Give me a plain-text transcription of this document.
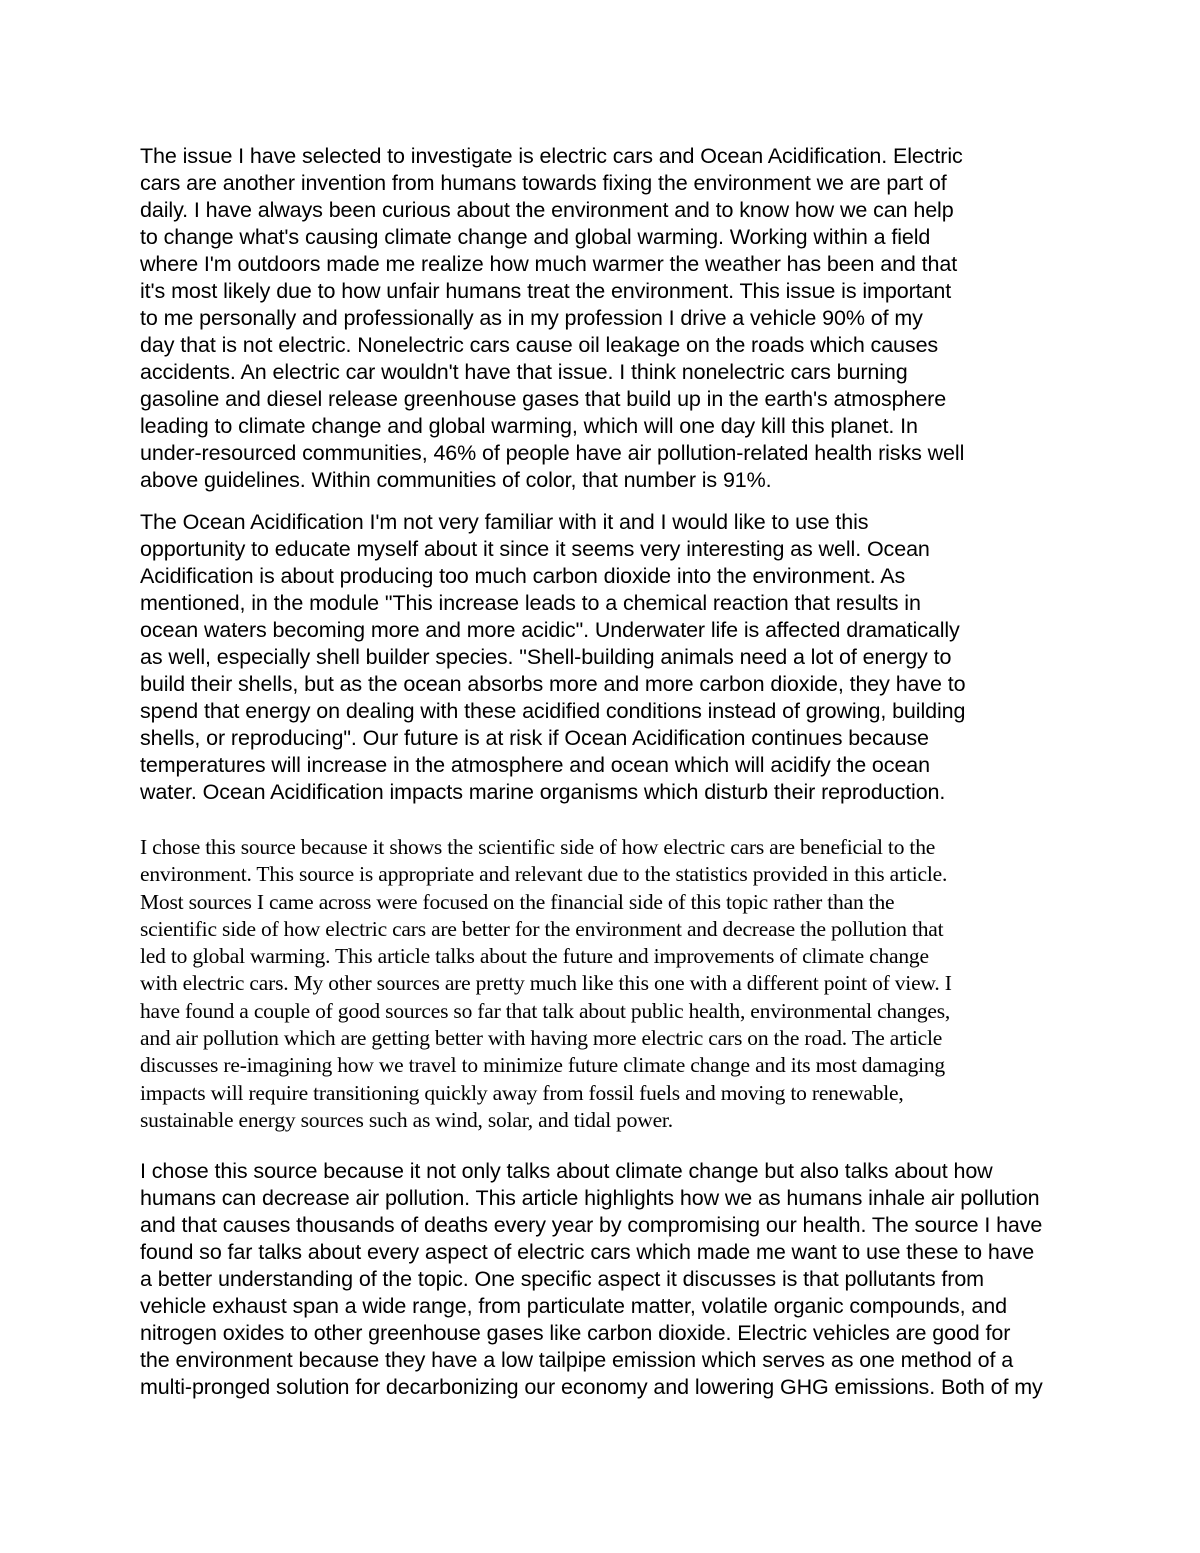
The issue I have selected to investigate is electric cars and Ocean Acidification. Electric
cars are another invention from humans towards fixing the environment we are part of
daily. I have always been curious about the environment and to know how we can help
to change what's causing climate change and global warming. Working within a field
where I'm outdoors made me realize how much warmer the weather has been and that
it's most likely due to how unfair humans treat the environment. This issue is important
to me personally and professionally as in my profession I drive a vehicle 90% of my
day that is not electric. Nonelectric cars cause oil leakage on the roads which causes
accidents. An electric car wouldn't have that issue. I think nonelectric cars burning
gasoline and diesel release greenhouse gases that build up in the earth's atmosphere
leading to climate change and global warming, which will one day kill this planet. In
under-resourced communities, 46% of people have air pollution-related health risks well
above guidelines. Within communities of color, that number is 91%.

The Ocean Acidification I'm not very familiar with it and I would like to use this
opportunity to educate myself about it since it seems very interesting as well. Ocean
Acidification is about producing too much carbon dioxide into the environment. As
mentioned, in the module "This increase leads to a chemical reaction that results in
ocean waters becoming more and more acidic". Underwater life is affected dramatically
as well, especially shell builder species. "Shell-building animals need a lot of energy to
build their shells, but as the ocean absorbs more and more carbon dioxide, they have to
spend that energy on dealing with these acidified conditions instead of growing, building
shells, or reproducing". Our future is at risk if Ocean Acidification continues because
temperatures will increase in the atmosphere and ocean which will acidify the ocean
water. Ocean Acidification impacts marine organisms which disturb their reproduction.

I chose this source because it shows the scientific side of how electric cars are beneficial to the
environment. This source is appropriate and relevant due to the statistics provided in this article.
Most sources I came across were focused on the financial side of this topic rather than the
scientific side of how electric cars are better for the environment and decrease the pollution that
led to global warming. This article talks about the future and improvements of climate change
with electric cars. My other sources are pretty much like this one with a different point of view. I
have found a couple of good sources so far that talk about public health, environmental changes,
and air pollution which are getting better with having more electric cars on the road. The article
discusses re-imagining how we travel to minimize future climate change and its most damaging
impacts will require transitioning quickly away from fossil fuels and moving to renewable,
sustainable energy sources such as wind, solar, and tidal power.

I chose this source because it not only talks about climate change but also talks about how
humans can decrease air pollution. This article highlights how we as humans inhale air pollution
and that causes thousands of deaths every year by compromising our health. The source I have
found so far talks about every aspect of electric cars which made me want to use these to have
a better understanding of the topic. One specific aspect it discusses is that pollutants from
vehicle exhaust span a wide range, from particulate matter, volatile organic compounds, and
nitrogen oxides to other greenhouse gases like carbon dioxide. Electric vehicles are good for
the environment because they have a low tailpipe emission which serves as one method of a
multi-pronged solution for decarbonizing our economy and lowering GHG emissions. Both of my
